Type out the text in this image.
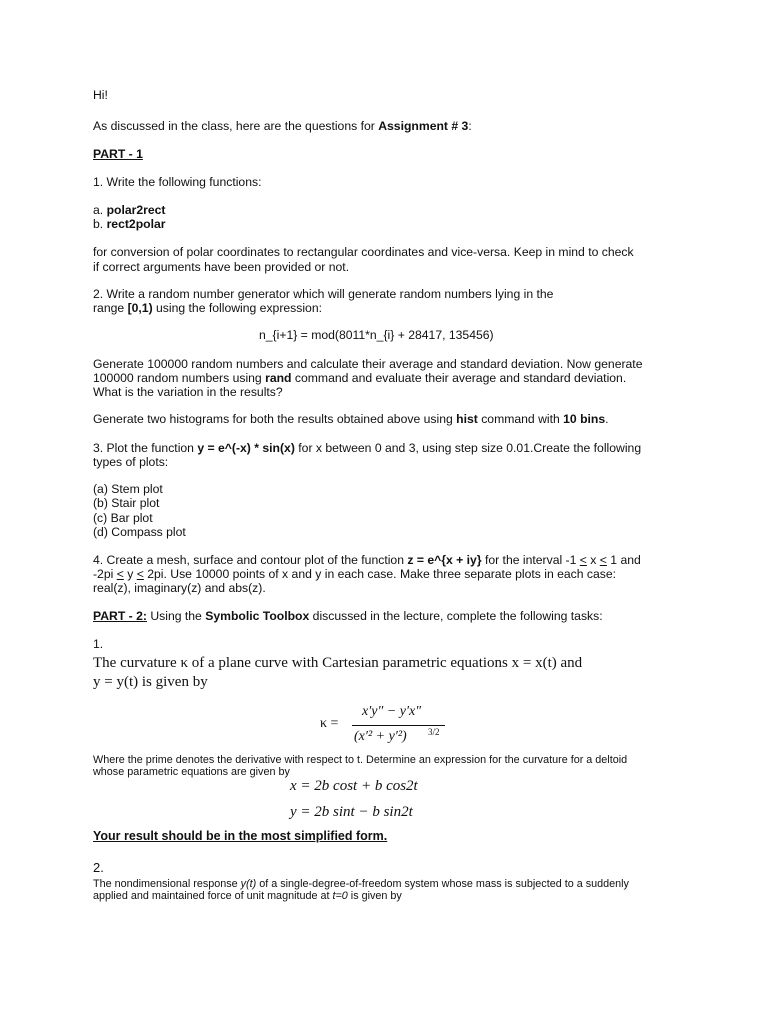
Hi!
As discussed in the class, here are the questions for Assignment # 3:
PART - 1
1. Write the following functions:
a. polar2rect
b. rect2polar
for conversion of polar coordinates to rectangular coordinates and vice-versa. Keep in mind to check
if correct arguments have been provided or not.
2. Write a random number generator which will generate random numbers lying in the
range [0,1) using the following expression:
n_{i+1} = mod(8011*n_{i} + 28417, 135456)
Generate 100000 random numbers and calculate their average and standard deviation. Now generate
100000 random numbers using rand command and evaluate their average and standard deviation.
What is the variation in the results?
Generate two histograms for both the results obtained above using hist command with 10 bins.
3. Plot the function y = e^(-x) * sin(x) for x between 0 and 3, using step size 0.01.Create the following
types of plots:
(a) Stem plot
(b) Stair plot
(c) Bar plot
(d) Compass plot
4. Create a mesh, surface and contour plot of the function z = e^{x + iy} for the interval -1 ≤ x ≤ 1 and
-2pi ≤ y ≤ 2pi. Use 10000 points of x and y in each case. Make three separate plots in each case:
real(z), imaginary(z) and abs(z).
PART - 2: Using the Symbolic Toolbox discussed in the lecture, complete the following tasks:
1.
The curvature κ of a plane curve with Cartesian parametric equations x = x(t) and
y = y(t) is given by
κ =
x′y″ − y′x″
(x′² + y′²) 3/2
Where the prime denotes the derivative with respect to t. Determine an expression for the curvature for a deltoid
whose parametric equations are given by
x = 2b cost + b cos2t
y = 2b sint − b sin2t
Your result should be in the most simplified form.
2.
The nondimensional response y(t) of a single-degree-of-freedom system whose mass is subjected to a suddenly
applied and maintained force of unit magnitude at t=0 is given by
